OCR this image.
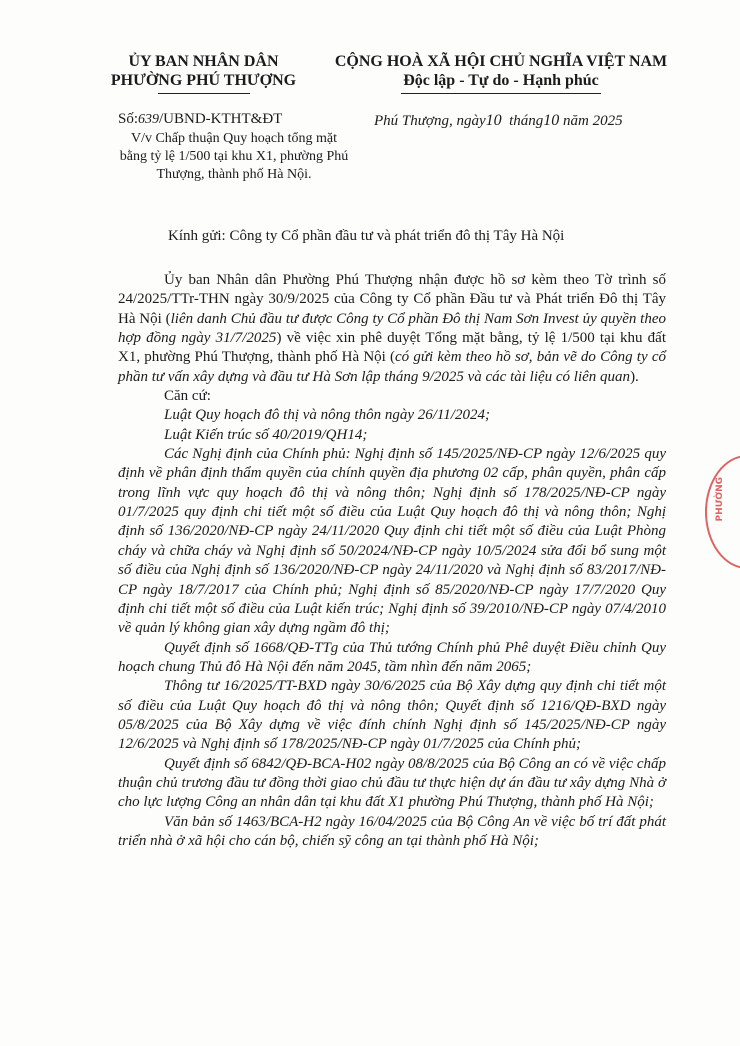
ỦY BAN NHÂN DÂN
PHƯỜNG PHÚ THƯỢNG
CỘNG HOÀ XÃ HỘI CHỦ NGHĨA VIỆT NAM
Độc lập - Tự do - Hạnh phúc
Số:639/UBND-KTHT&ĐT
V/v Chấp thuận Quy hoạch tổng mặt bằng tỷ lệ 1/500 tại khu X1, phường Phú Thượng, thành phố Hà Nội.
Phú Thượng, ngày10 tháng10 năm 2025
Kính gửi: Công ty Cổ phần đầu tư và phát triển đô thị Tây Hà Nội

Ủy ban Nhân dân Phường Phú Thượng nhận được hồ sơ kèm theo Tờ trình số 24/2025/TTr-THN ngày 30/9/2025 của Công ty Cổ phần Đầu tư và Phát triển Đô thị Tây Hà Nội (liên danh Chủ đầu tư được Công ty Cổ phần Đô thị Nam Sơn Invest ủy quyền theo hợp đồng ngày 31/7/2025) về việc xin phê duyệt Tổng mặt bằng, tỷ lệ 1/500 tại khu đất X1, phường Phú Thượng, thành phố Hà Nội (có gửi kèm theo hồ sơ, bản vẽ do Công ty cổ phần tư vấn xây dựng và đầu tư Hà Sơn lập tháng 9/2025 và các tài liệu có liên quan).

Căn cứ:

Luật Quy hoạch đô thị và nông thôn ngày 26/11/2024;

Luật Kiến trúc số 40/2019/QH14;

Các Nghị định của Chính phủ: Nghị định số 145/2025/NĐ-CP ngày 12/6/2025 quy định về phân định thẩm quyền của chính quyền địa phương 02 cấp, phân quyền, phân cấp trong lĩnh vực quy hoạch đô thị và nông thôn; Nghị định số 178/2025/NĐ-CP ngày 01/7/2025 quy định chi tiết một số điều của Luật Quy hoạch đô thị và nông thôn; Nghị định số 136/2020/NĐ-CP ngày 24/11/2020 Quy định chi tiết một số điều của Luật Phòng cháy và chữa cháy và Nghị định số 50/2024/NĐ-CP ngày 10/5/2024 sửa đổi bổ sung một số điều của Nghị định số 136/2020/NĐ-CP ngày 24/11/2020 và Nghị định số 83/2017/NĐ-CP ngày 18/7/2017 của Chính phủ; Nghị định số 85/2020/NĐ-CP ngày 17/7/2020 Quy định chi tiết một số điều của Luật kiến trúc; Nghị định số 39/2010/NĐ-CP ngày 07/4/2010 về quản lý không gian xây dựng ngầm đô thị;

Quyết định số 1668/QĐ-TTg của Thủ tướng Chính phủ Phê duyệt Điều chỉnh Quy hoạch chung Thủ đô Hà Nội đến năm 2045, tầm nhìn đến năm 2065;

Thông tư 16/2025/TT-BXD ngày 30/6/2025 của Bộ Xây dựng quy định chi tiết một số điều của Luật Quy hoạch đô thị và nông thôn; Quyết định số 1216/QĐ-BXD ngày 05/8/2025 của Bộ Xây dựng về việc đính chính Nghị định số 145/2025/NĐ-CP ngày 12/6/2025 và Nghị định số 178/2025/NĐ-CP ngày 01/7/2025 của Chính phủ;

Quyết định số 6842/QĐ-BCA-H02 ngày 08/8/2025 của Bộ Công an có về việc chấp thuận chủ trương đầu tư đồng thời giao chủ đầu tư thực hiện dự án đầu tư xây dựng Nhà ở cho lực lượng Công an nhân dân tại khu đất X1 phường Phú Thượng, thành phố Hà Nội;

Văn bản số 1463/BCA-H2 ngày 16/04/2025 của Bộ Công An về việc bố trí đất phát triển nhà ở xã hội cho cán bộ, chiến sỹ công an tại thành phố Hà Nội;

PHƯỜNG
